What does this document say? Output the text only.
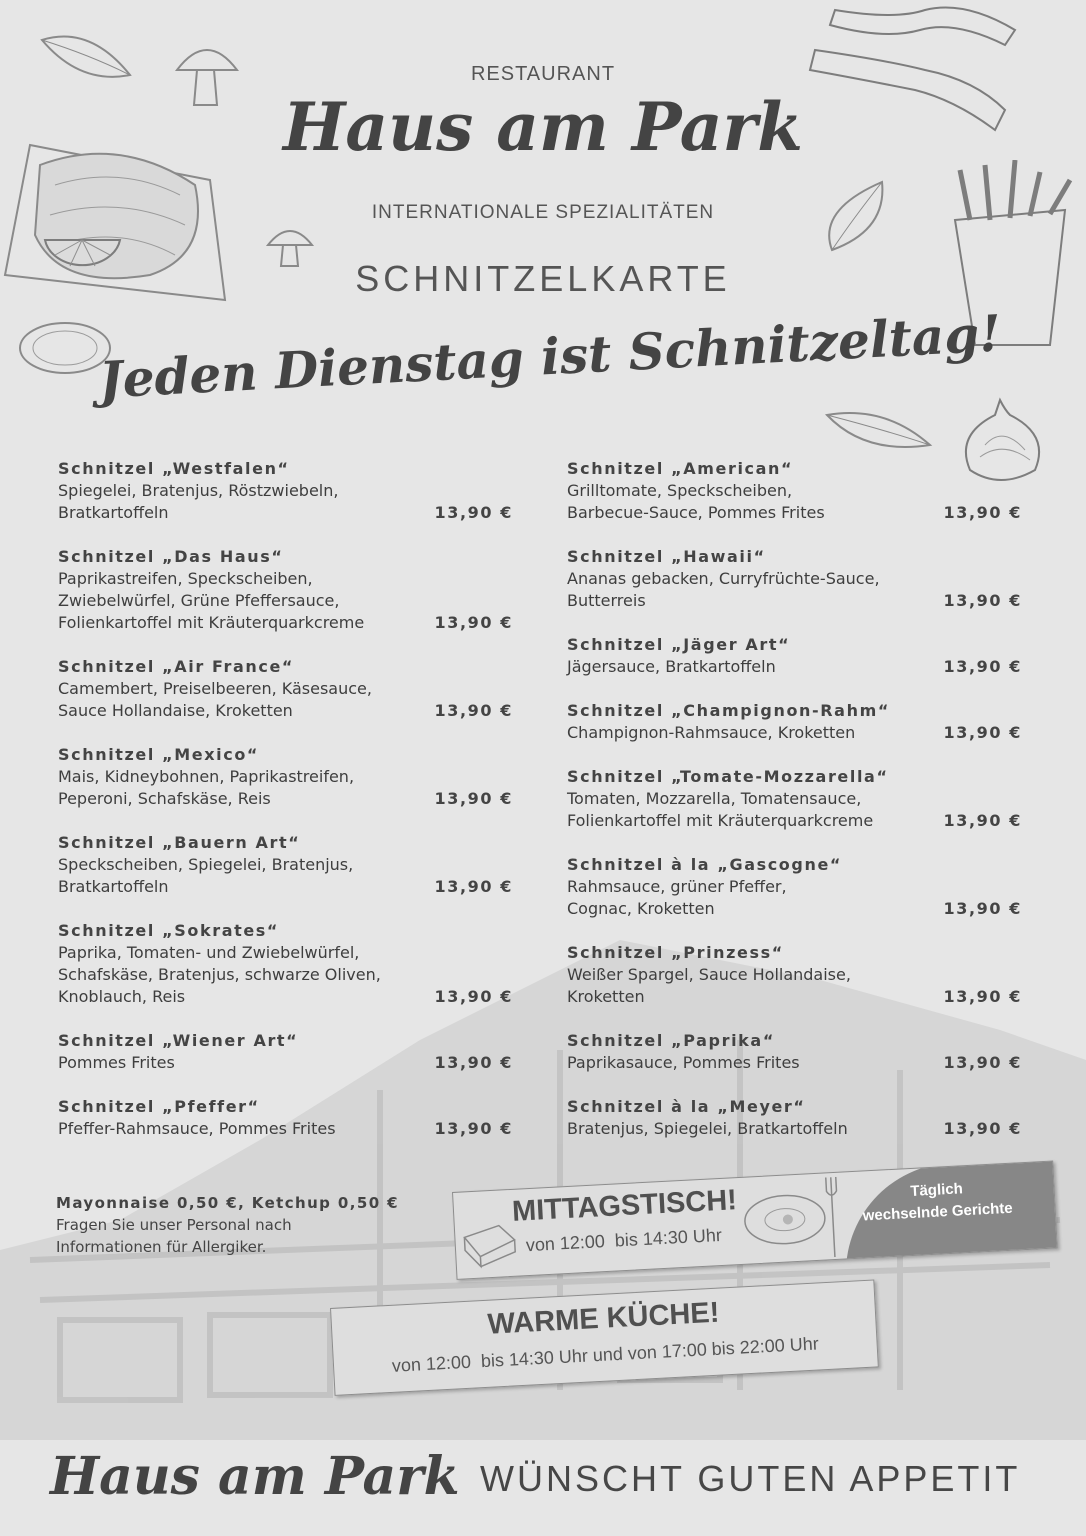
RESTAURANT
Haus am Park
INTERNATIONALE SPEZIALITÄTEN
SCHNITZELKARTE
Jeden Dienstag ist Schnitzeltag!
Schnitzel „Westfalen“
Spiegelei, Bratenjus, Röstzwiebeln,
Bratkartoffeln	13,90 €
Schnitzel „Das Haus“
Paprikastreifen, Speckscheiben,
Zwiebelwürfel, Grüne Pfeffersauce,
Folienkartoffel mit Kräuterquarkcreme	13,90 €
Schnitzel „Air France“
Camembert, Preiselbeeren, Käsesauce,
Sauce Hollandaise, Kroketten	13,90 €
Schnitzel „Mexico“
Mais, Kidneybohnen, Paprikastreifen,
Peperoni, Schafskäse, Reis	13,90 €
Schnitzel „Bauern Art“
Speckscheiben, Spiegelei, Bratenjus,
Bratkartoffeln	13,90 €
Schnitzel „Sokrates“
Paprika, Tomaten- und Zwiebelwürfel,
Schafskäse, Bratenjus, schwarze Oliven,
Knoblauch, Reis	13,90 €
Schnitzel „Wiener Art“
Pommes Frites	13,90 €
Schnitzel „Pfeffer“
Pfeffer-Rahmsauce, Pommes Frites	13,90 €
Schnitzel „American“
Grilltomate, Speckscheiben,
Barbecue-Sauce, Pommes Frites	13,90 €
Schnitzel „Hawaii“
Ananas gebacken, Curryfrüchte-Sauce,
Butterreis	13,90 €
Schnitzel „Jäger Art“
Jägersauce, Bratkartoffeln	13,90 €
Schnitzel „Champignon-Rahm“
Champignon-Rahmsauce, Kroketten	13,90 €
Schnitzel „Tomate-Mozzarella“
Tomaten, Mozzarella, Tomatensauce,
Folienkartoffel mit Kräuterquarkcreme	13,90 €
Schnitzel à la „Gascogne“
Rahmsauce, grüner Pfeffer,
Cognac, Kroketten	13,90 €
Schnitzel „Prinzess“
Weißer Spargel, Sauce Hollandaise,
Kroketten	13,90 €
Schnitzel „Paprika“
Paprikasauce, Pommes Frites	13,90 €
Schnitzel à la „Meyer“
Bratenjus, Spiegelei, Bratkartoffeln	13,90 €
Mayonnaise 0,50 €, Ketchup 0,50 €
Fragen Sie unser Personal nach
Informationen für Allergiker.
MITTAGSTISCH!
von 12:00  bis 14:30 Uhr
Täglich
wechselnde Gerichte
WARME KÜCHE!
von 12:00  bis 14:30 Uhr und von 17:00 bis 22:00 Uhr
Haus am Park WÜNSCHT GUTEN APPETIT
